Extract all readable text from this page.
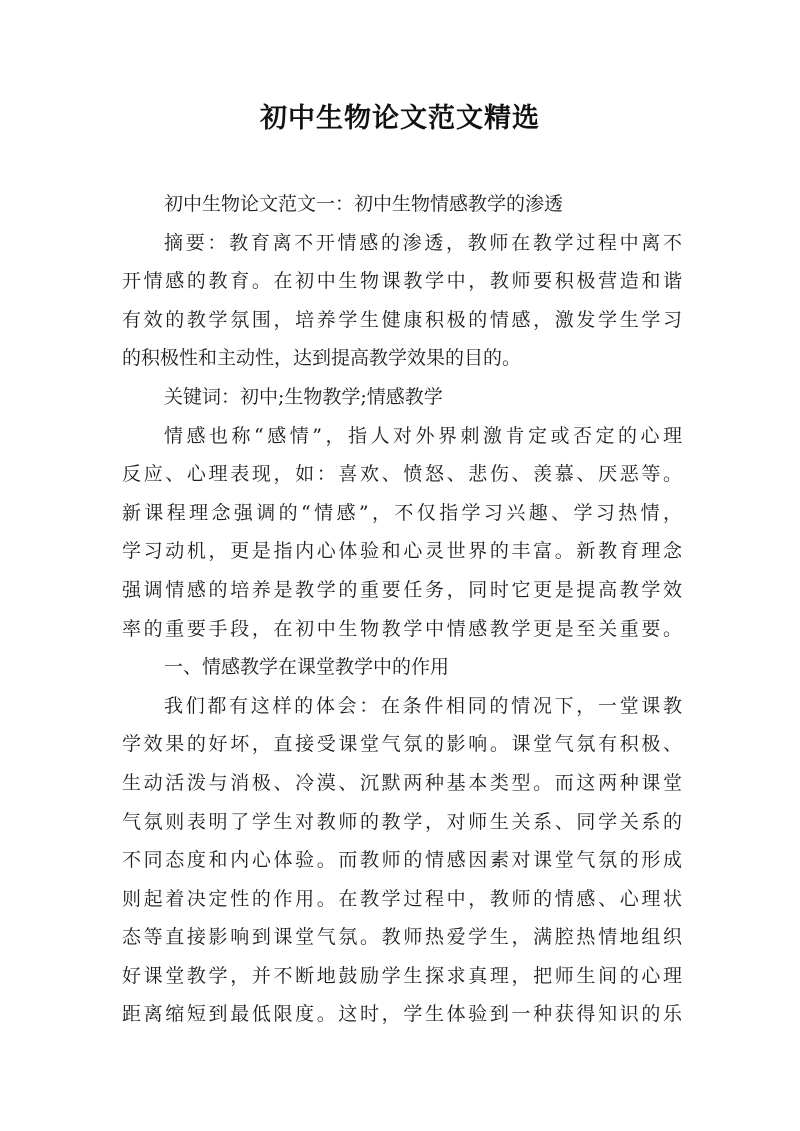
初中生物论文范文精选
初中生物论文范文一：初中生物情感教学的渗透
摘要：教育离不开情感的渗透，教师在教学过程中离不
开情感的教育。在初中生物课教学中，教师要积极营造和谐
有效的教学氛围，培养学生健康积极的情感，激发学生学习
的积极性和主动性，达到提高教学效果的目的。
关键词：初中;生物教学;情感教学
情感也称“感情”，指人对外界刺激肯定或否定的心理
反应、心理表现，如：喜欢、愤怒、悲伤、羡慕、厌恶等。
新课程理念强调的“情感”，不仅指学习兴趣、学习热情，
学习动机，更是指内心体验和心灵世界的丰富。新教育理念
强调情感的培养是教学的重要任务，同时它更是提高教学效
率的重要手段，在初中生物教学中情感教学更是至关重要。
一、情感教学在课堂教学中的作用
我们都有这样的体会：在条件相同的情况下，一堂课教
学效果的好坏，直接受课堂气氛的影响。课堂气氛有积极、
生动活泼与消极、冷漠、沉默两种基本类型。而这两种课堂
气氛则表明了学生对教师的教学，对师生关系、同学关系的
不同态度和内心体验。而教师的情感因素对课堂气氛的形成
则起着决定性的作用。在教学过程中，教师的情感、心理状
态等直接影响到课堂气氛。教师热爱学生，满腔热情地组织
好课堂教学，并不断地鼓励学生探求真理，把师生间的心理
距离缩短到最低限度。这时，学生体验到一种获得知识的乐
